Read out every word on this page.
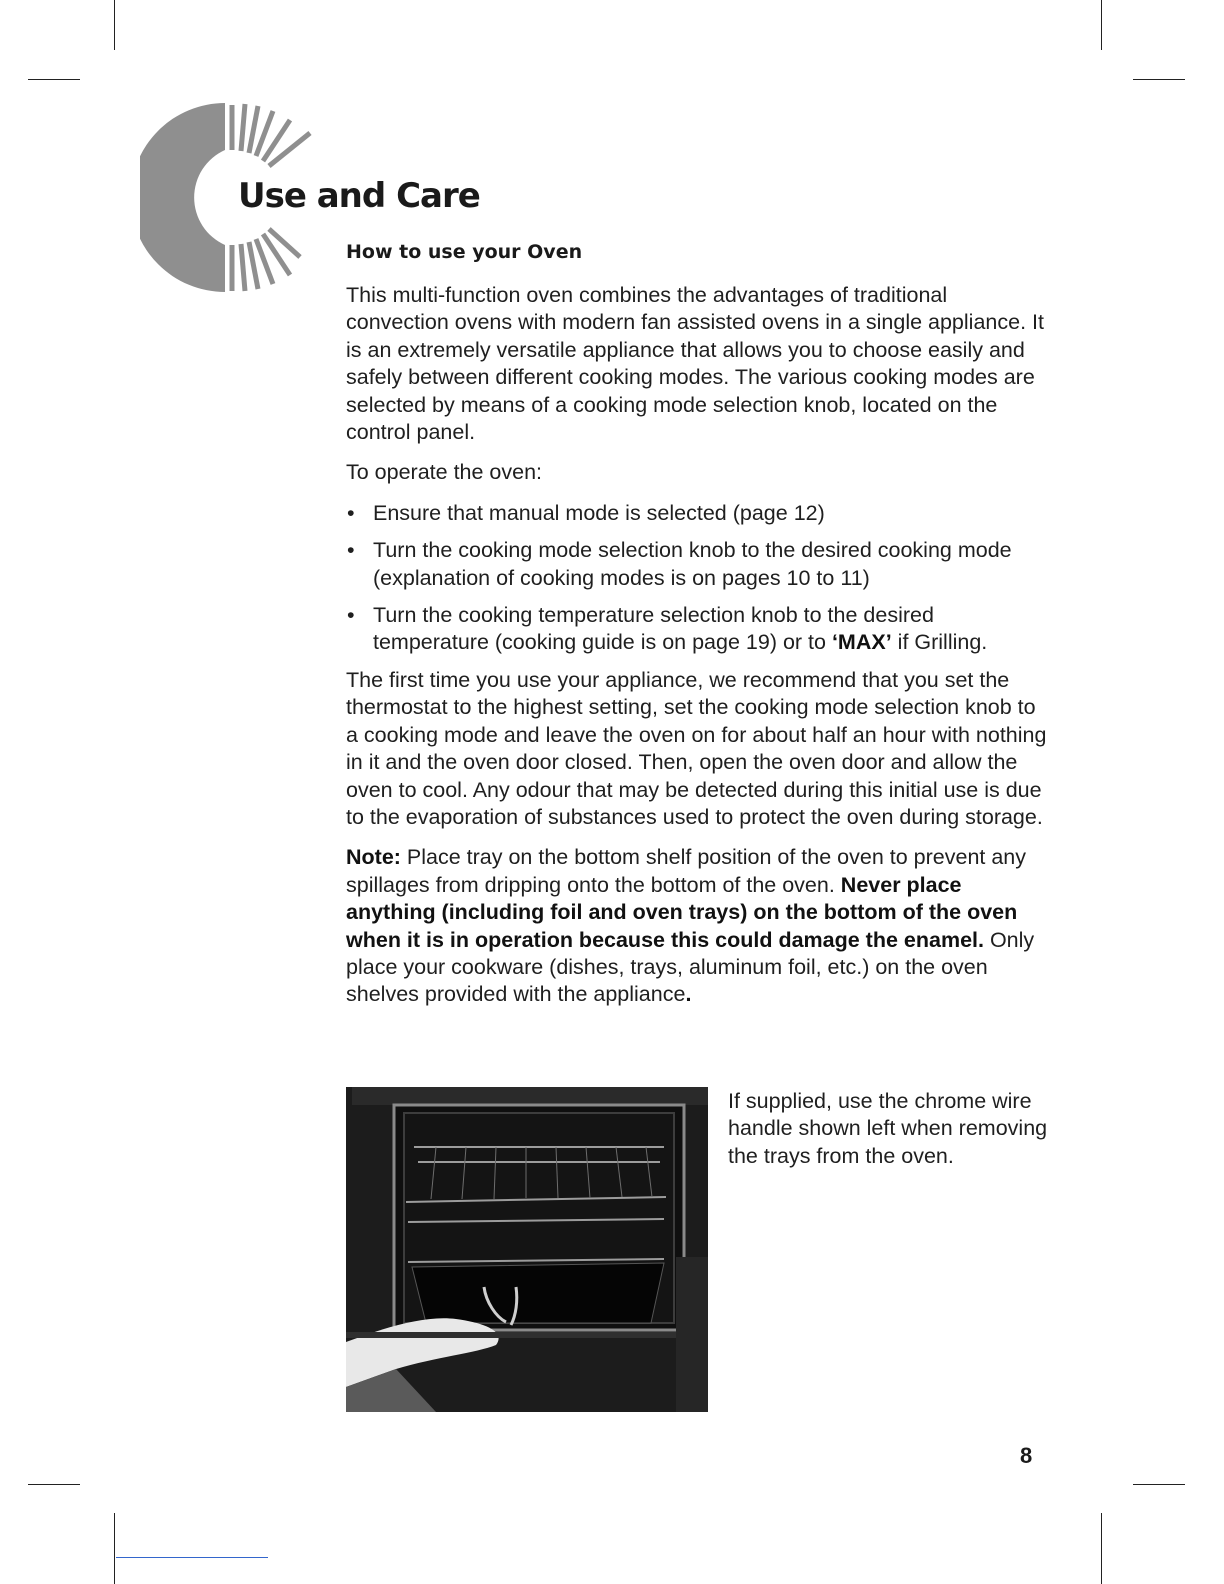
Use and Care
How to use your Oven

This multi-function oven combines the advantages of traditional convection ovens with modern fan assisted ovens in a single appliance. It is an extremely versatile appliance that allows you to choose easily and safely between different cooking modes. The various cooking modes are selected by means of a cooking mode selection knob, located on the control panel.

To operate the oven:

• Ensure that manual mode is selected (page 12)
• Turn the cooking mode selection knob to the desired cooking mode (explanation of cooking modes is on pages 10 to 11)
• Turn the cooking temperature selection knob to the desired temperature (cooking guide is on page 19) or to ‘MAX’ if Grilling.

The first time you use your appliance, we recommend that you set the thermostat to the highest setting, set the cooking mode selection knob to a cooking mode and leave the oven on for about half an hour with nothing in it and the oven door closed. Then, open the oven door and allow the oven to cool. Any odour that may be detected during this initial use is due to the evaporation of substances used to protect the oven during storage.

Note: Place tray on the bottom shelf position of the oven to prevent any spillages from dripping onto the bottom of the oven. Never place anything (including foil and oven trays) on the bottom of the oven when it is in operation because this could damage the enamel. Only place your cookware (dishes, trays, aluminum foil, etc.) on the oven shelves provided with the appliance.

If supplied, use the chrome wire handle shown left when removing the trays from the oven.

8
